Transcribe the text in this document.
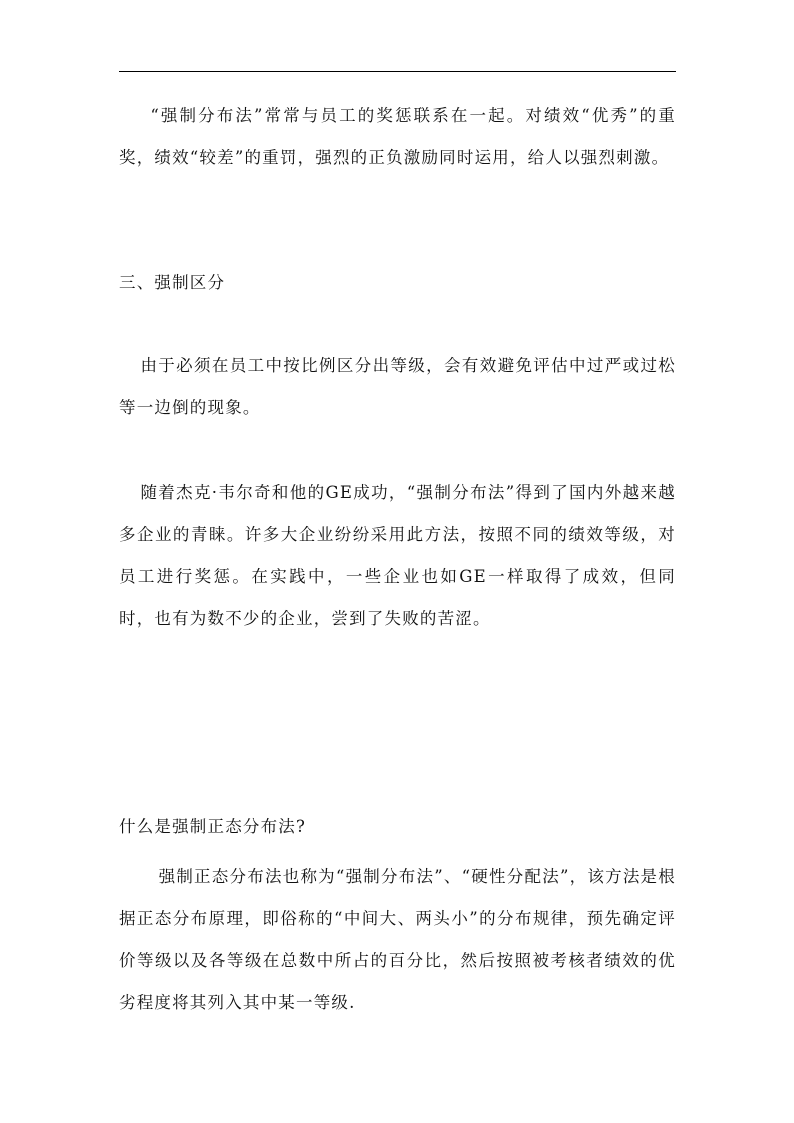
“强制分布法”常常与员工的奖惩联系在一起。对绩效“优秀”的重奖，绩效“较差”的重罚，强烈的正负激励同时运用，给人以强烈刺激。

三、强制区分

由于必须在员工中按比例区分出等级，会有效避免评估中过严或过松等一边倒的现象。

随着杰克·韦尔奇和他的GE成功，“强制分布法”得到了国内外越来越多企业的青睐。许多大企业纷纷采用此方法，按照不同的绩效等级，对员工进行奖惩。在实践中，一些企业也如GE一样取得了成效，但同时，也有为数不少的企业，尝到了失败的苦涩。

什么是强制正态分布法?

强制正态分布法也称为“强制分布法”、“硬性分配法”，该方法是根据正态分布原理，即俗称的“中间大、两头小”的分布规律，预先确定评价等级以及各等级在总数中所占的百分比，然后按照被考核者绩效的优劣程度将其列入其中某一等级.
